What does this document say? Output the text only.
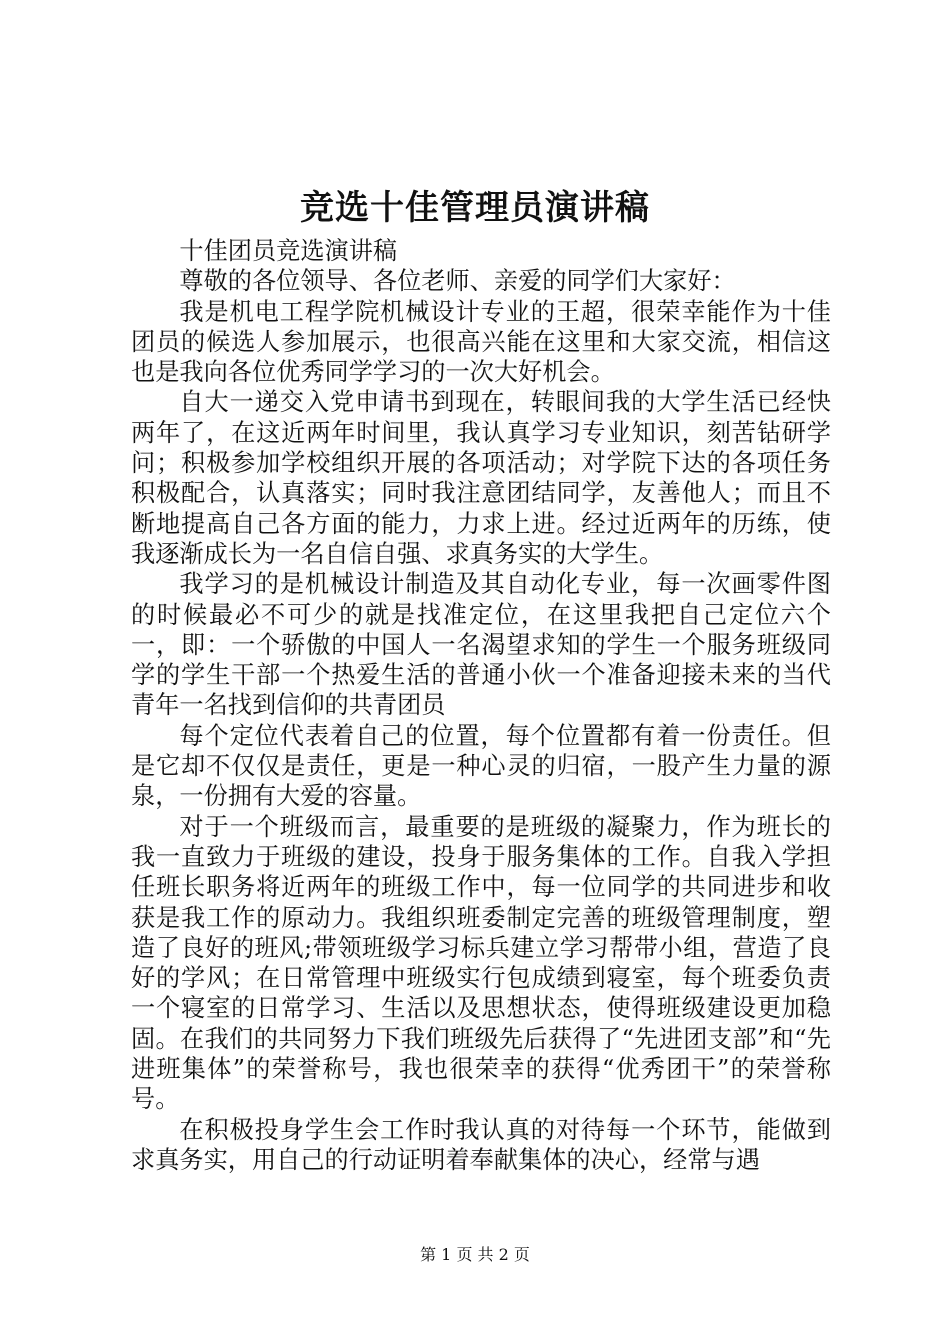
竞选十佳管理员演讲稿

十佳团员竞选演讲稿

尊敬的各位领导、各位老师、亲爱的同学们大家好：

我是机电工程学院机械设计专业的王超，很荣幸能作为十佳团员的候选人参加展示，也很高兴能在这里和大家交流，相信这也是我向各位优秀同学学习的一次大好机会。

自大一递交入党申请书到现在，转眼间我的大学生活已经快两年了，在这近两年时间里，我认真学习专业知识，刻苦钻研学问；积极参加学校组织开展的各项活动；对学院下达的各项任务积极配合，认真落实；同时我注意团结同学，友善他人；而且不断地提高自己各方面的能力，力求上进。经过近两年的历练，使我逐渐成长为一名自信自强、求真务实的大学生。

我学习的是机械设计制造及其自动化专业，每一次画零件图的时候最必不可少的就是找准定位，在这里我把自己定位六个一，即：一个骄傲的中国人一名渴望求知的学生一个服务班级同学的学生干部一个热爱生活的普通小伙一个准备迎接未来的当代青年一名找到信仰的共青团员

每个定位代表着自己的位置，每个位置都有着一份责任。但是它却不仅仅是责任，更是一种心灵的归宿，一股产生力量的源泉，一份拥有大爱的容量。

对于一个班级而言，最重要的是班级的凝聚力，作为班长的我一直致力于班级的建设，投身于服务集体的工作。自我入学担任班长职务将近两年的班级工作中，每一位同学的共同进步和收获是我工作的原动力。我组织班委制定完善的班级管理制度，塑造了良好的班风;带领班级学习标兵建立学习帮带小组，营造了良好的学风；在日常管理中班级实行包成绩到寝室，每个班委负责一个寝室的日常学习、生活以及思想状态，使得班级建设更加稳固。在我们的共同努力下我们班级先后获得了“先进团支部”和“先进班集体”的荣誉称号，我也很荣幸的获得“优秀团干”的荣誉称号。

在积极投身学生会工作时我认真的对待每一个环节，能做到求真务实，用自己的行动证明着奉献集体的决心，经常与遇

第 1 页 共 2 页
